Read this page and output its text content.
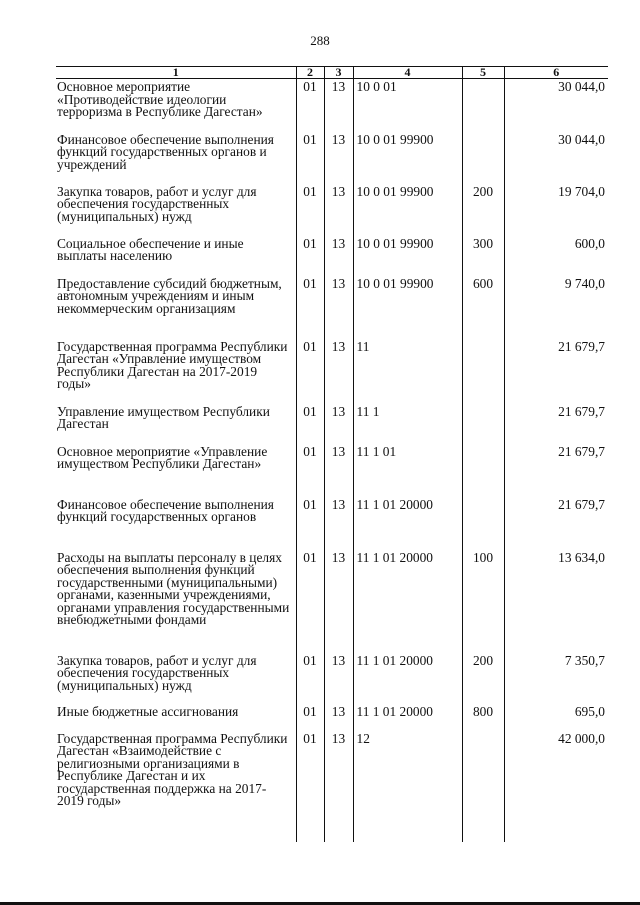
288
1	2	3	4	5	6
Основное мероприятие «Противодействие идеологии терроризма в Республике Дагестан»	01	13	10 0 01		30 044,0
Финансовое обеспечение выполнения функций государственных органов и учреждений	01	13	10 0 01 99900		30 044,0
Закупка товаров, работ и услуг для обеспечения государственных (муниципальных) нужд	01	13	10 0 01 99900	200	19 704,0
Социальное обеспечение и иные выплаты населению	01	13	10 0 01 99900	300	600,0
Предоставление субсидий бюджетным, автономным учреждениям и иным некоммерческим организациям	01	13	10 0 01 99900	600	9 740,0
Государственная программа Республики Дагестан «Управление имуществом Республики Дагестан на 2017-2019 годы»	01	13	11		21 679,7
Управление имуществом Республики Дагестан	01	13	11 1		21 679,7
Основное мероприятие «Управление имуществом Республики Дагестан»	01	13	11 1 01		21 679,7
Финансовое обеспечение выполнения функций государственных органов	01	13	11 1 01 20000		21 679,7
Расходы на выплаты персоналу в целях обеспечения выполнения функций государственными (муниципальными) органами, казенными учреждениями, органами управления государственными внебюджетными фондами	01	13	11 1 01 20000	100	13 634,0
Закупка товаров, работ и услуг для обеспечения государственных (муниципальных) нужд	01	13	11 1 01 20000	200	7 350,7
Иные бюджетные ассигнования	01	13	11 1 01 20000	800	695,0
Государственная программа Республики Дагестан «Взаимодействие с религиозными организациями в Республике Дагестан и их государственная поддержка на 2017-2019 годы»	01	13	12		42 000,0
